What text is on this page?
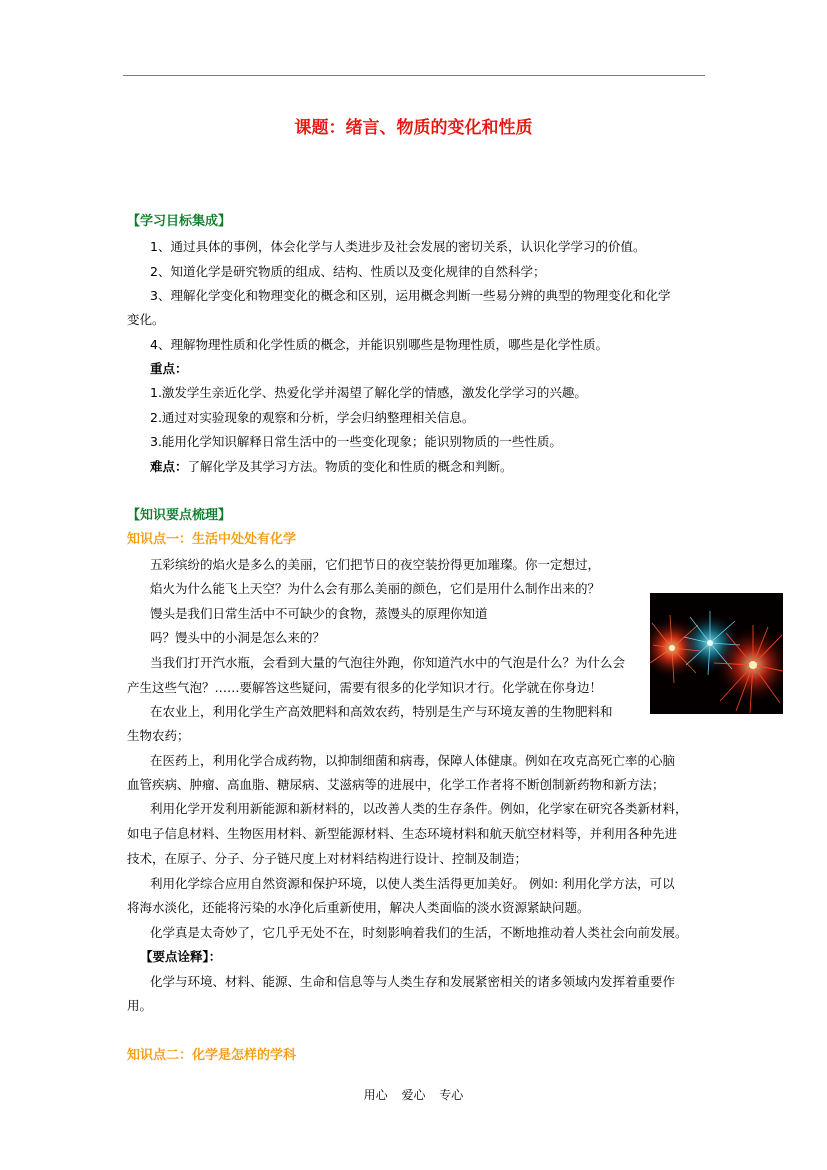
课题：绪言、物质的变化和性质
【学习目标集成】
1、通过具体的事例，体会化学与人类进步及社会发展的密切关系，认识化学学习的价值。
2、知道化学是研究物质的组成、结构、性质以及变化规律的自然科学；
3、理解化学变化和物理变化的概念和区别，运用概念判断一些易分辨的典型的物理变化和化学
变化。
4、理解物理性质和化学性质的概念，并能识别哪些是物理性质，哪些是化学性质。
重点：
1.激发学生亲近化学、热爱化学并渴望了解化学的情感，激发化学学习的兴趣。
2.通过对实验现象的观察和分析，学会归纳整理相关信息。
3.能用化学知识解释日常生活中的一些变化现象；能识别物质的一些性质。
难点：了解化学及其学习方法。物质的变化和性质的概念和判断。
【知识要点梳理】
知识点一：生活中处处有化学
五彩缤纷的焰火是多么的美丽，它们把节日的夜空装扮得更加璀璨。你一定想过，
焰火为什么能飞上天空？为什么会有那么美丽的颜色，它们是用什么制作出来的？
馒头是我们日常生活中不可缺少的食物，蒸馒头的原理你知道
吗？馒头中的小洞是怎么来的？
当我们打开汽水瓶，会看到大量的气泡往外跑，你知道汽水中的气泡是什么？为什么会
产生这些气泡？……要解答这些疑问，需要有很多的化学知识才行。化学就在你身边！
在农业上，利用化学生产高效肥料和高效农药，特别是生产与环境友善的生物肥料和
生物农药；
在医药上，利用化学合成药物，以抑制细菌和病毒，保障人体健康。例如在攻克高死亡率的心脑
血管疾病、肿瘤、高血脂、糖尿病、艾滋病等的进展中，化学工作者将不断创制新药物和新方法；
利用化学开发利用新能源和新材料的，以改善人类的生存条件。例如，化学家在研究各类新材料，
如电子信息材料、生物医用材料、新型能源材料、生态环境材料和航天航空材料等，并利用各种先进
技术，在原子、分子、分子链尺度上对材料结构进行设计、控制及制造；
利用化学综合应用自然资源和保护环境，以使人类生活得更加美好。 例如: 利用化学方法，可以
将海水淡化，还能将污染的水净化后重新使用，解决人类面临的淡水资源紧缺问题。
化学真是太奇妙了，它几乎无处不在，时刻影响着我们的生活，不断地推动着人类社会向前发展。
【要点诠释】：
化学与环境、材料、能源、生命和信息等与人类生存和发展紧密相关的诸多领域内发挥着重要作
用。
知识点二：化学是怎样的学科
用心 爱心 专心
